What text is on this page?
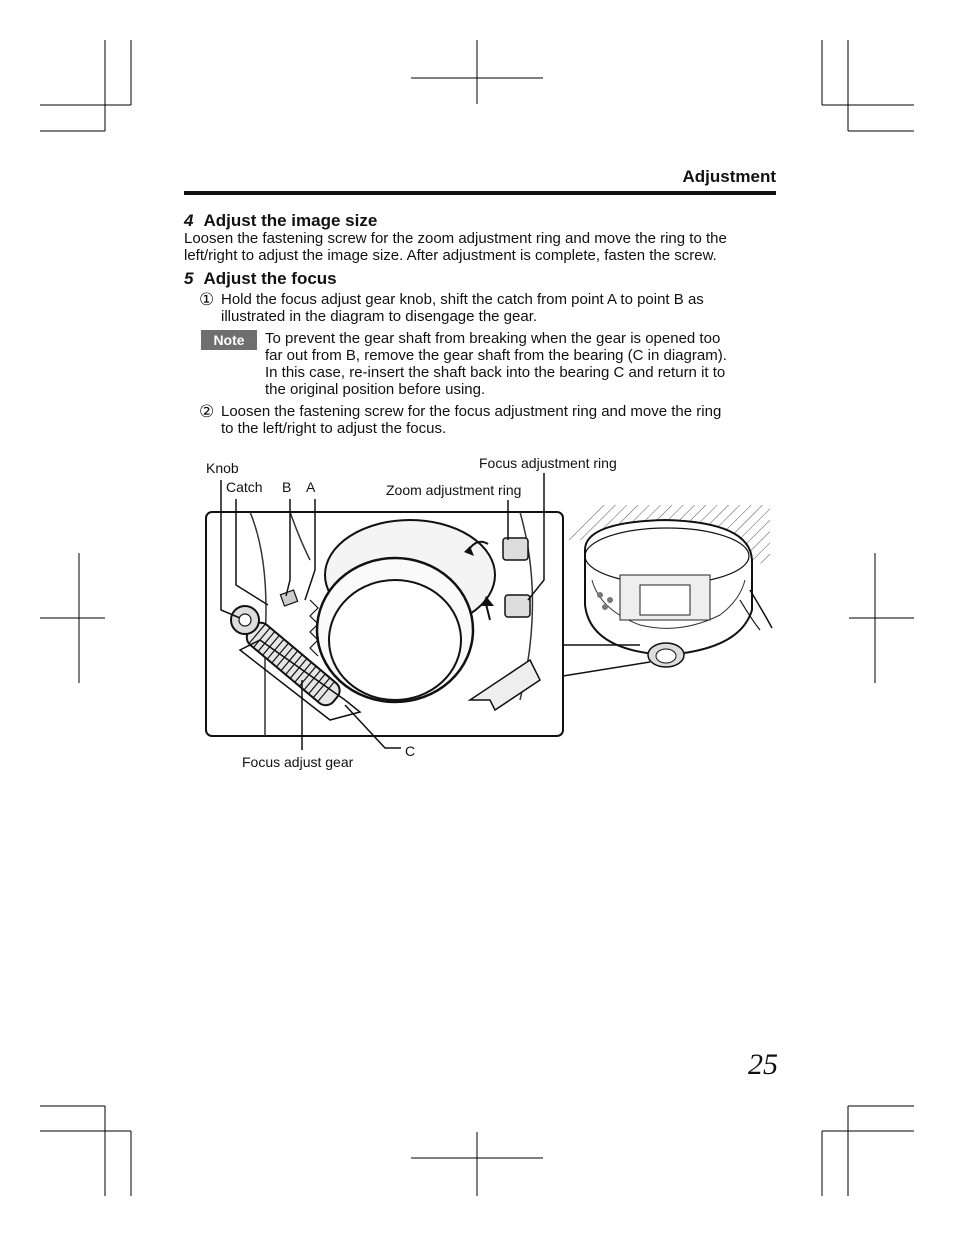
Adjustment
4 Adjust the image size
Loosen the fastening screw for the zoom adjustment ring and move the ring to the
left/right to adjust the image size. After adjustment is complete, fasten the screw.
5 Adjust the focus
① Hold the focus adjust gear knob, shift the catch from point A to point B as
illustrated in the diagram to disengage the gear.
Note	To prevent the gear shaft from breaking when the gear is opened too
far out from B, remove the gear shaft from the bearing (C in diagram).
In this case, re-insert the shaft back into the bearing C and return it to
the original position before using.
② Loosen the fastening screw for the focus adjustment ring and move the ring
to the left/right to adjust the focus.
Knob
Catch B A	Zoom adjustment ring
Focus adjustment ring
Focus adjust gear
C
25
